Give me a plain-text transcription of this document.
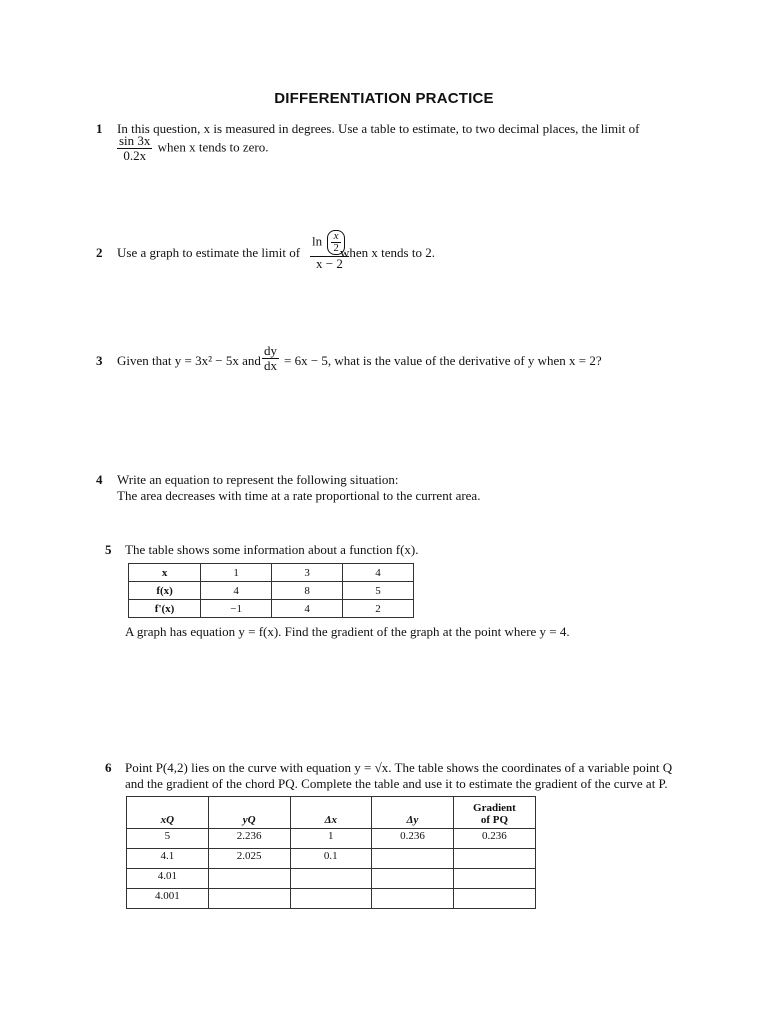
DIFFERENTIATION PRACTICE
1 In this question, x is measured in degrees. Use a table to estimate, to two decimal places, the limit of
$\frac{\sin 3x}{0.2x}$ when x tends to zero.
2 Use a graph to estimate the limit of $\frac{\ln \frac{x}{2}}{x - 2}$
when x tends to 2.
3 Given that y = 3x² − 5x and $\frac{dy}{dx} = 6x - 5$, what is the value of the derivative of y when x = 2?
4 Write an equation to represent the following situation:
The area decreases with time at a rate proportional to the current area.
5 The table shows some information about a function f(x).
x	1	3	4
f(x)	4	8	5
f'(x)	−1	4	2
A graph has equation y = f(x). Find the gradient of the graph at the point where y = 4.
6 Point P(4,2) lies on the curve with equation y = √x. The table shows the coordinates of a variable point Q
and the gradient of the chord PQ. Complete the table and use it to estimate the gradient of the curve at P.
xQ	yQ	Δx	Δy	Gradient
of PQ

5	2.236	1	0.236	0.236
4.1	2.025	0.1		
4.01				
4.001				
